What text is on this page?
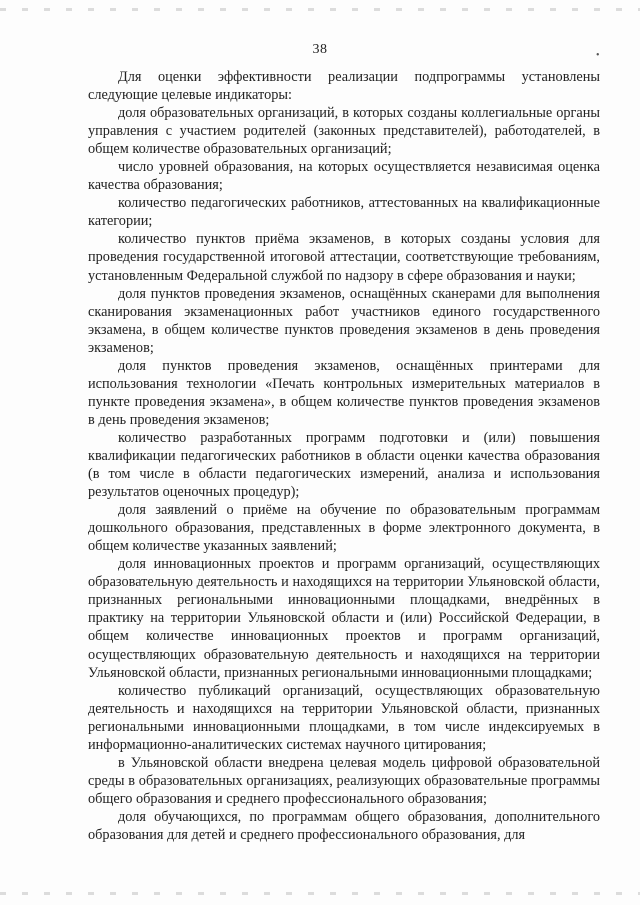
38	•

Для оценки эффективности реализации подпрограммы установлены следующие целевые индикаторы:

доля образовательных организаций, в которых созданы коллегиальные органы управления с участием родителей (законных представителей), работодателей, в общем количестве образовательных организаций;

число уровней образования, на которых осуществляется независимая оценка качества образования;

количество педагогических работников, аттестованных на квалификационные категории;

количество пунктов приёма экзаменов, в которых созданы условия для проведения государственной итоговой аттестации, соответствующие требованиям, установленным Федеральной службой по надзору в сфере образования и науки;

доля пунктов проведения экзаменов, оснащённых сканерами для выполнения сканирования экзаменационных работ участников единого государственного экзамена, в общем количестве пунктов проведения экзаменов в день проведения экзаменов;

доля пунктов проведения экзаменов, оснащённых принтерами для использования технологии «Печать контрольных измерительных материалов в пункте проведения экзамена», в общем количестве пунктов проведения экзаменов в день проведения экзаменов;

количество разработанных программ подготовки и (или) повышения квалификации педагогических работников в области оценки качества образования (в том числе в области педагогических измерений, анализа и использования результатов оценочных процедур);

доля заявлений о приёме на обучение по образовательным программам дошкольного образования, представленных в форме электронного документа, в общем количестве указанных заявлений;

доля инновационных проектов и программ организаций, осуществляющих образовательную деятельность и находящихся на территории Ульяновской области, признанных региональными инновационными площадками, внедрённых в практику на территории Ульяновской области и (или) Российской Федерации, в общем количестве инновационных проектов и программ организаций, осуществляющих образовательную деятельность и находящихся на территории Ульяновской области, признанных региональными инновационными площадками;

количество публикаций организаций, осуществляющих образовательную деятельность и находящихся на территории Ульяновской области, признанных региональными инновационными площадками, в том числе индексируемых в информационно-аналитических системах научного цитирования;

в Ульяновской области внедрена целевая модель цифровой образовательной среды в образовательных организациях, реализующих образовательные программы общего образования и среднего профессионального образования;

доля обучающихся, по программам общего образования, дополнительного образования для детей и среднего профессионального образования, для
